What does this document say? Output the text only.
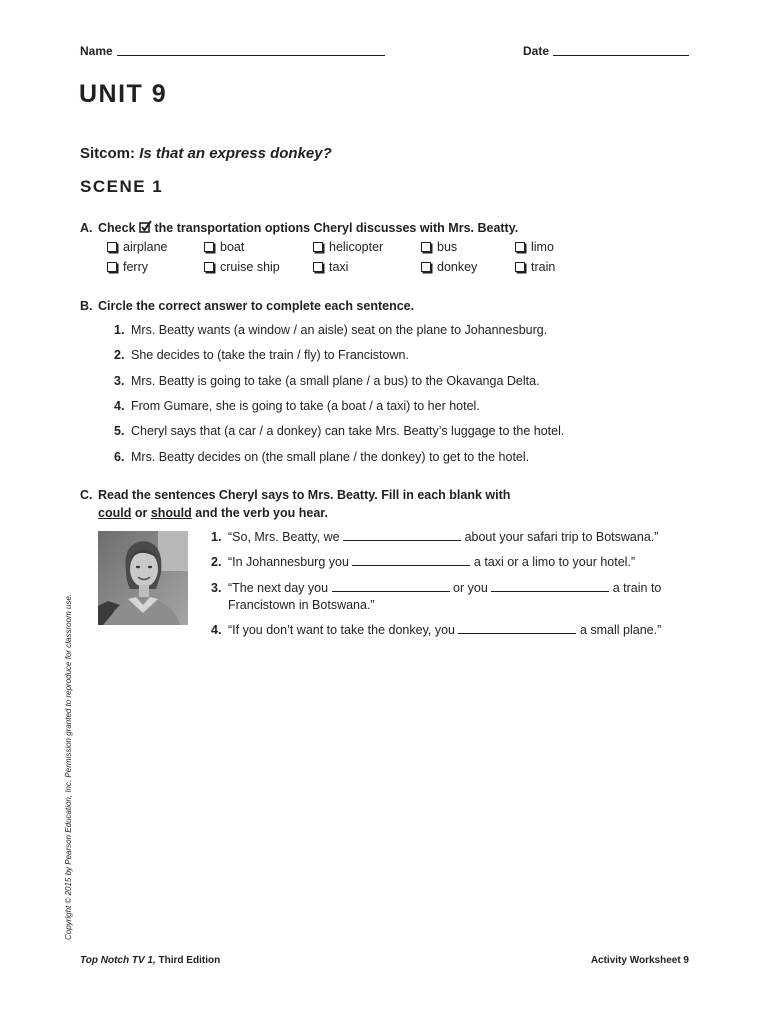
Name	Date
UNIT 9
Sitcom: Is that an express donkey?
SCENE 1
A. Check the transportation options Cheryl discusses with Mrs. Beatty.
airplane	boat	helicopter	bus	limo
ferry	cruise ship	taxi	donkey	train
B. Circle the correct answer to complete each sentence.
1. Mrs. Beatty wants (a window / an aisle) seat on the plane to Johannesburg.
2. She decides to (take the train / fly) to Francistown.
3. Mrs. Beatty is going to take (a small plane / a bus) to the Okavanga Delta.
4. From Gumare, she is going to take (a boat / a taxi) to her hotel.
5. Cheryl says that (a car / a donkey) can take Mrs. Beatty’s luggage to the hotel.
6. Mrs. Beatty decides on (the small plane / the donkey) to get to the hotel.
C. Read the sentences Cheryl says to Mrs. Beatty. Fill in each blank with
could or should and the verb you hear.
1. “So, Mrs. Beatty, we	about your safari trip to Botswana.”
2. “In Johannesburg you	a taxi or a limo to your hotel.”
3. “The next day you	or you	a train to
Francistown in Botswana.”
4. “If you don’t want to take the donkey, you	a small plane.”
Copyright © 2015 by Pearson Education, Inc. Permission granted to reproduce for classroom use.
Top Notch TV 1, Third Edition	Activity Worksheet 9
